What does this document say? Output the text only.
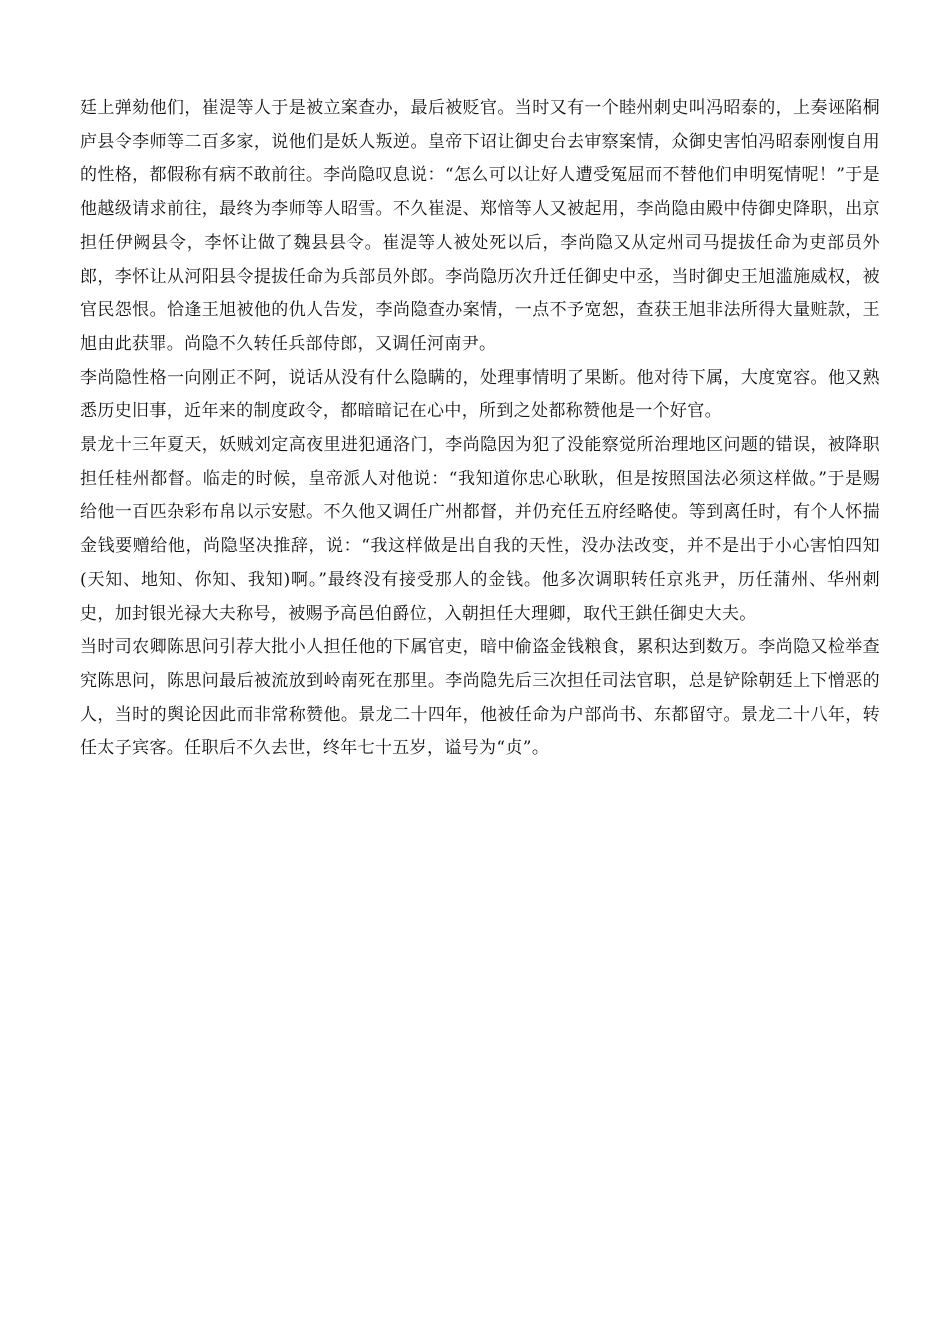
廷上弹劾他们，崔湜等人于是被立案查办，最后被贬官。当时又有一个睦州刺史叫冯昭泰的，上奏诬陷桐庐县令李师等二百多家，说他们是妖人叛逆。皇帝下诏让御史台去审察案情，众御史害怕冯昭泰刚愎自用的性格，都假称有病不敢前往。李尚隐叹息说：“怎么可以让好人遭受冤屈而不替他们申明冤情呢！”于是他越级请求前往，最终为李师等人昭雪。不久崔湜、郑愔等人又被起用，李尚隐由殿中侍御史降职，出京担任伊阙县令，李怀让做了魏县县令。崔湜等人被处死以后，李尚隐又从定州司马提拔任命为吏部员外郎，李怀让从河阳县令提拔任命为兵部员外郎。李尚隐历次升迁任御史中丞，当时御史王旭滥施威权，被官民怨恨。恰逢王旭被他的仇人告发，李尚隐查办案情，一点不予宽恕，查获王旭非法所得大量赃款，王旭由此获罪。尚隐不久转任兵部侍郎，又调任河南尹。

李尚隐性格一向刚正不阿，说话从没有什么隐瞒的，处理事情明了果断。他对待下属，大度宽容。他又熟悉历史旧事，近年来的制度政令，都暗暗记在心中，所到之处都称赞他是一个好官。

景龙十三年夏天，妖贼刘定高夜里进犯通洛门，李尚隐因为犯了没能察觉所治理地区问题的错误，被降职担任桂州都督。临走的时候，皇帝派人对他说：“我知道你忠心耿耿，但是按照国法必须这样做。”于是赐给他一百匹杂彩布帛以示安慰。不久他又调任广州都督，并仍充任五府经略使。等到离任时，有个人怀揣金钱要赠给他，尚隐坚决推辞，说：“我这样做是出自我的天性，没办法改变，并不是出于小心害怕四知(天知、地知、你知、我知)啊。”最终没有接受那人的金钱。他多次调职转任京兆尹，历任蒲州、华州刺史，加封银光禄大夫称号，被赐予高邑伯爵位，入朝担任大理卿，取代王鉷任御史大夫。

当时司农卿陈思问引荐大批小人担任他的下属官吏，暗中偷盗金钱粮食，累积达到数万。李尚隐又检举查究陈思问，陈思问最后被流放到岭南死在那里。李尚隐先后三次担任司法官职，总是铲除朝廷上下憎恶的人，当时的舆论因此而非常称赞他。景龙二十四年，他被任命为户部尚书、东都留守。景龙二十八年，转任太子宾客。任职后不久去世，终年七十五岁，谥号为“贞”。
